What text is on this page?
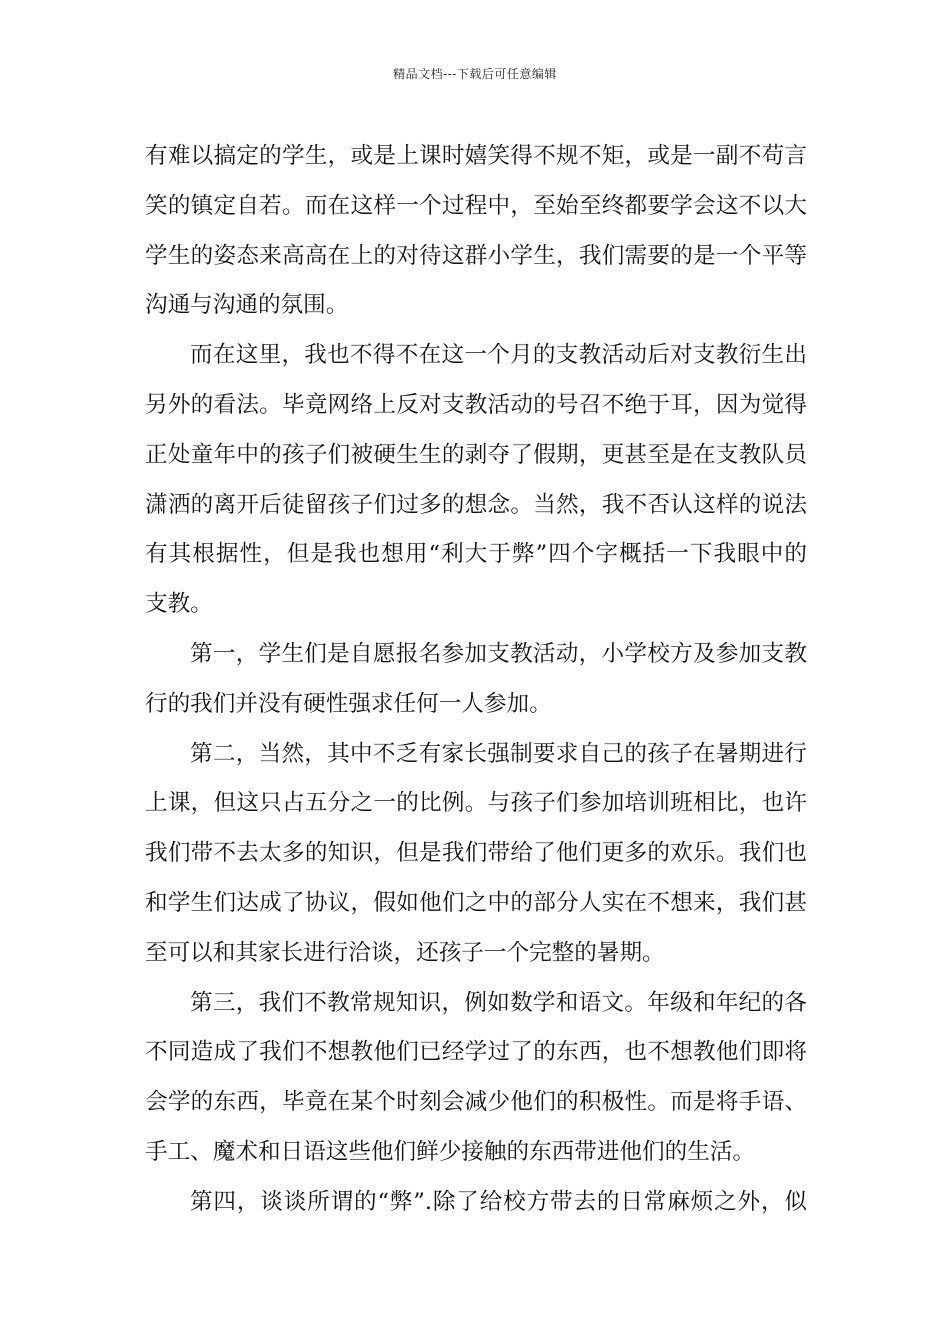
精品文档---下载后可任意编辑
有难以搞定的学生，或是上课时嬉笑得不规不矩，或是一副不苟言
笑的镇定自若。而在这样一个过程中，至始至终都要学会这不以大
学生的姿态来高高在上的对待这群小学生，我们需要的是一个平等
沟通与沟通的氛围。
而在这里，我也不得不在这一个月的支教活动后对支教衍生出
另外的看法。毕竟网络上反对支教活动的号召不绝于耳，因为觉得
正处童年中的孩子们被硬生生的剥夺了假期，更甚至是在支教队员
潇洒的离开后徒留孩子们过多的想念。当然，我不否认这样的说法
有其根据性，但是我也想用“利大于弊”四个字概括一下我眼中的
支教。
第一，学生们是自愿报名参加支教活动，小学校方及参加支教
行的我们并没有硬性强求任何一人参加。
第二，当然，其中不乏有家长强制要求自己的孩子在暑期进行
上课，但这只占五分之一的比例。与孩子们参加培训班相比，也许
我们带不去太多的知识，但是我们带给了他们更多的欢乐。我们也
和学生们达成了协议，假如他们之中的部分人实在不想来，我们甚
至可以和其家长进行洽谈，还孩子一个完整的暑期。
第三，我们不教常规知识，例如数学和语文。年级和年纪的各
不同造成了我们不想教他们已经学过了的东西，也不想教他们即将
会学的东西，毕竟在某个时刻会减少他们的积极性。而是将手语、
手工、魔术和日语这些他们鲜少接触的东西带进他们的生活。
第四，谈谈所谓的“弊”.除了给校方带去的日常麻烦之外，似
